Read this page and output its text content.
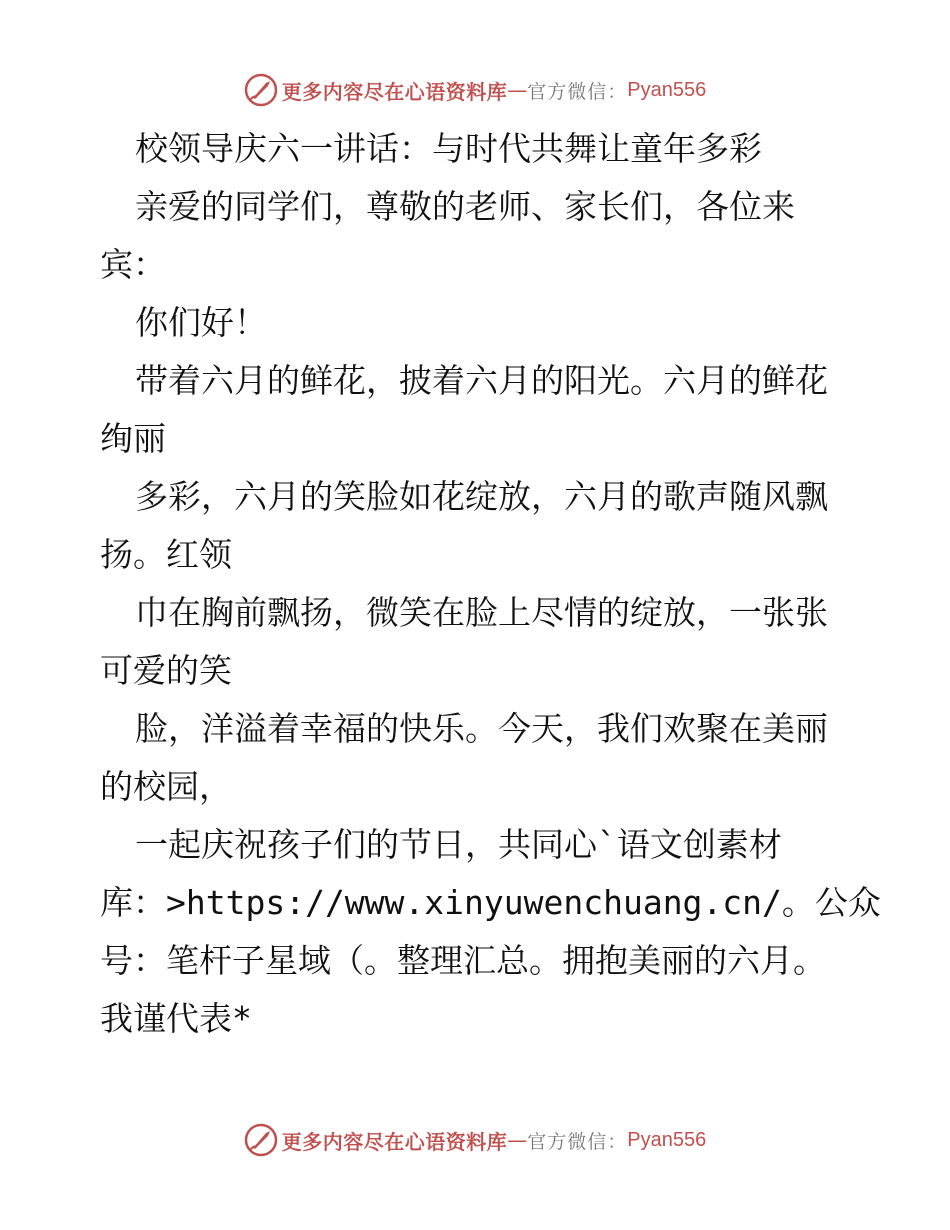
更多内容尽在心语资料库 — 官方微信： Pyan556
校领导庆六一讲话：与时代共舞让童年多彩
亲爱的同学们，尊敬的老师、家长们，各位来
宾：
你们好！
带着六月的鲜花，披着六月的阳光。六月的鲜花
绚丽
多彩，六月的笑脸如花绽放，六月的歌声随风飘
扬。红领
巾在胸前飘扬，微笑在脸上尽情的绽放，一张张
可爱的笑
脸，洋溢着幸福的快乐。今天，我们欢聚在美丽
的校园，
一起庆祝孩子们的节日，共同心`语文创素材
库：>https://www.xinyuwenchuang.cn/。公众
号：笔杆子星域（。整理汇总。拥抱美丽的六月。
我谨代表*
更多内容尽在心语资料库 — 官方微信： Pyan556
